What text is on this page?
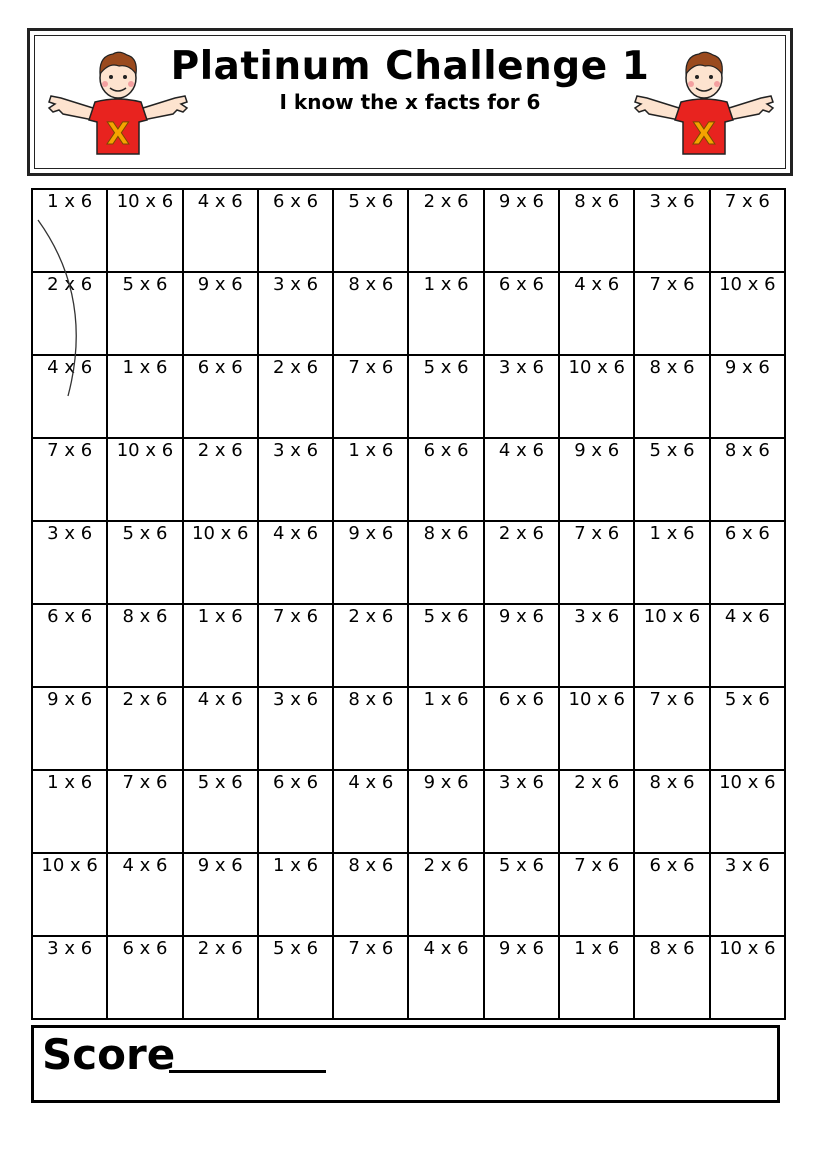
X
Platinum Challenge 1
I know the x facts for 6
X
1 x 6	10 x 6	4 x 6	6 x 6	5 x 6	2 x 6	9 x 6	8 x 6	3 x 6	7 x 6
2 x 6	5 x 6	9 x 6	3 x 6	8 x 6	1 x 6	6 x 6	4 x 6	7 x 6	10 x 6
4 x 6	1 x 6	6 x 6	2 x 6	7 x 6	5 x 6	3 x 6	10 x 6	8 x 6	9 x 6
7 x 6	10 x 6	2 x 6	3 x 6	1 x 6	6 x 6	4 x 6	9 x 6	5 x 6	8 x 6
3 x 6	5 x 6	10 x 6	4 x 6	9 x 6	8 x 6	2 x 6	7 x 6	1 x 6	6 x 6
6 x 6	8 x 6	1 x 6	7 x 6	2 x 6	5 x 6	9 x 6	3 x 6	10 x 6	4 x 6
9 x 6	2 x 6	4 x 6	3 x 6	8 x 6	1 x 6	6 x 6	10 x 6	7 x 6	5 x 6
1 x 6	7 x 6	5 x 6	6 x 6	4 x 6	9 x 6	3 x 6	2 x 6	8 x 6	10 x 6
10 x 6	4 x 6	9 x 6	1 x 6	8 x 6	2 x 6	5 x 6	7 x 6	6 x 6	3 x 6
3 x 6	6 x 6	2 x 6	5 x 6	7 x 6	4 x 6	9 x 6	1 x 6	8 x 6	10 x 6
Score
